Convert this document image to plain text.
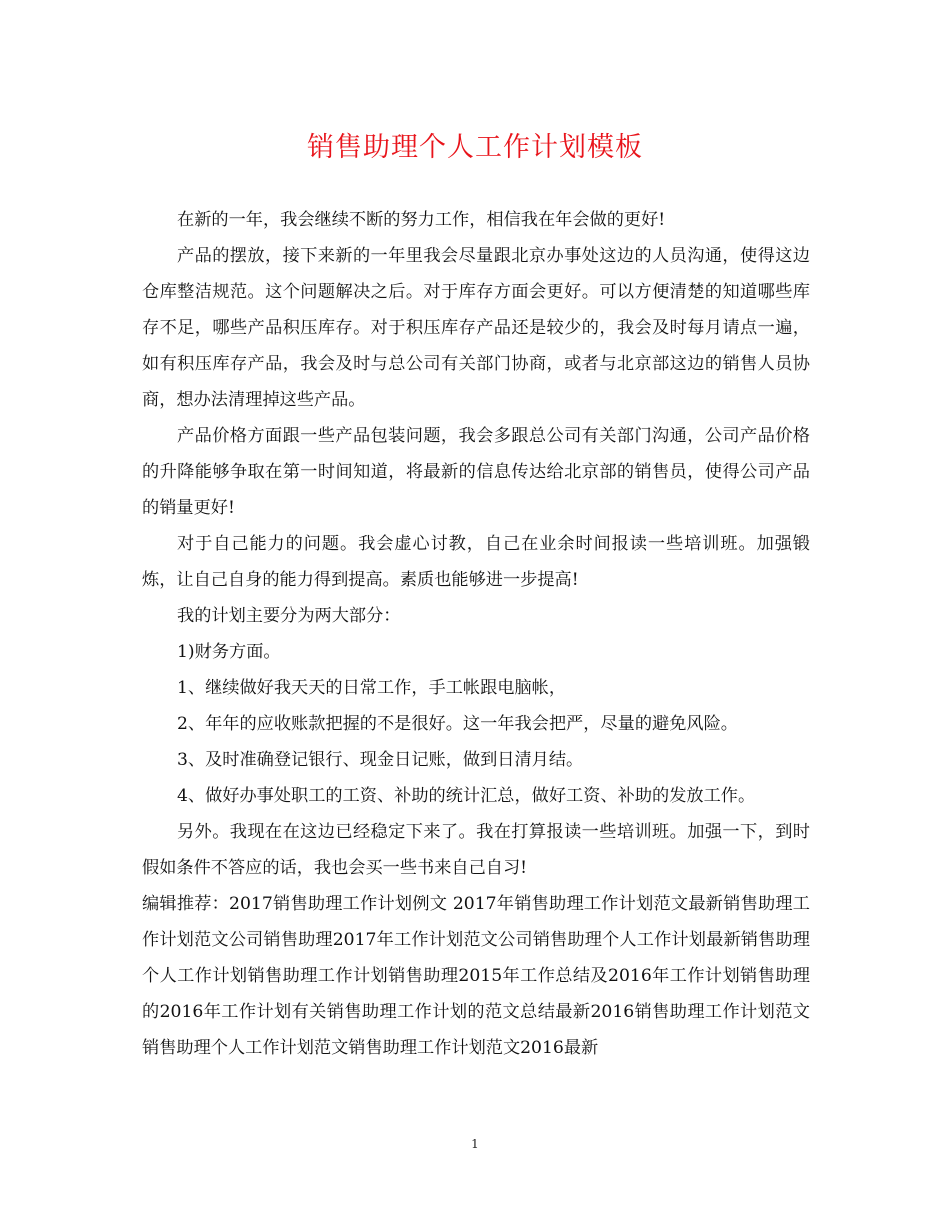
销售助理个人工作计划模板

在新的一年，我会继续不断的努力工作，相信我在年会做的更好!

产品的摆放，接下来新的一年里我会尽量跟北京办事处这边的人员沟通，使得这边仓库整洁规范。这个问题解决之后。对于库存方面会更好。可以方便清楚的知道哪些库存不足，哪些产品积压库存。对于积压库存产品还是较少的，我会及时每月请点一遍，如有积压库存产品，我会及时与总公司有关部门协商，或者与北京部这边的销售人员协商，想办法清理掉这些产品。

产品价格方面跟一些产品包装问题，我会多跟总公司有关部门沟通，公司产品价格的升降能够争取在第一时间知道，将最新的信息传达给北京部的销售员，使得公司产品的销量更好!

对于自己能力的问题。我会虚心讨教，自己在业余时间报读一些培训班。加强锻炼，让自己自身的能力得到提高。素质也能够进一步提高!

我的计划主要分为两大部分：

1)财务方面。

1、继续做好我天天的日常工作，手工帐跟电脑帐，

2、年年的应收账款把握的不是很好。这一年我会把严，尽量的避免风险。

3、及时准确登记银行、现金日记账，做到日清月结。

4、做好办事处职工的工资、补助的统计汇总，做好工资、补助的发放工作。

另外。我现在在这边已经稳定下来了。我在打算报读一些培训班。加强一下，到时假如条件不答应的话，我也会买一些书来自己自习!

编辑推荐：2017销售助理工作计划例文 2017年销售助理工作计划范文最新销售助理工作计划范文公司销售助理2017年工作计划范文公司销售助理个人工作计划最新销售助理个人工作计划销售助理工作计划销售助理2015年工作总结及2016年工作计划销售助理的2016年工作计划有关销售助理工作计划的范文总结最新2016销售助理工作计划范文销售助理个人工作计划范文销售助理工作计划范文2016最新

1
